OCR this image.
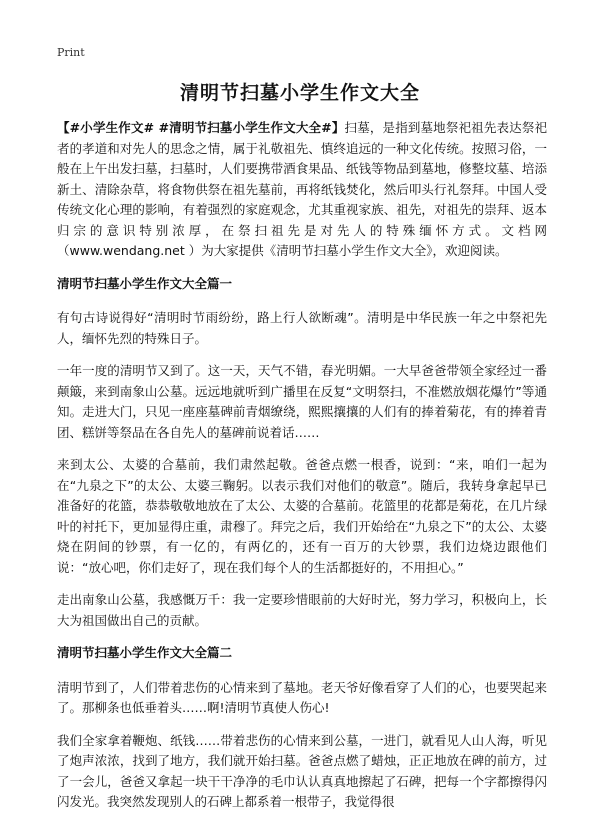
Print
清明节扫墓小学生作文大全

【#小学生作文# #清明节扫墓小学生作文大全#】扫墓，是指到墓地祭祀祖先表达祭祀者的孝道和对先人的思念之情，属于礼敬祖先、慎终追远的一种文化传统。按照习俗，一般在上午出发扫墓，扫墓时，人们要携带酒食果品、纸钱等物品到墓地，修整坟墓、培添新土、清除杂草，将食物供祭在祖先墓前，再将纸钱焚化，然后叩头行礼祭拜。中国人受传统文化心理的影响，有着强烈的家庭观念，尤其重视家族、祖先，对祖先的崇拜、返本归宗的意识特别浓厚，在祭扫祖先是对先人的特殊缅怀方式。文档网（www.wendang.net ）为大家提供《清明节扫墓小学生作文大全》，欢迎阅读。

清明节扫墓小学生作文大全篇一

有句古诗说得好“清明时节雨纷纷，路上行人欲断魂”。清明是中华民族一年之中祭祀先人，缅怀先烈的特殊日子。

一年一度的清明节又到了。这一天，天气不错，春光明媚。一大早爸爸带领全家经过一番颠簸，来到南象山公墓。远远地就听到广播里在反复“文明祭扫，不准燃放烟花爆竹”等通知。走进大门，只见一座座墓碑前青烟缭绕，熙熙攘攘的人们有的捧着菊花，有的捧着青团、糕饼等祭品在各自先人的墓碑前说着话……

来到太公、太婆的合墓前，我们肃然起敬。爸爸点燃一根香，说到：“来，咱们一起为在“九泉之下”的太公、太婆三鞠躬。以表示我们对他们的敬意”。随后，我转身拿起早已准备好的花篮，恭恭敬敬地放在了太公、太婆的合墓前。花篮里的花都是菊花，在几片绿叶的衬托下，更加显得庄重，肃穆了。拜完之后，我们开始给在“九泉之下”的太公、太婆烧在阴间的钞票，有一亿的，有两亿的，还有一百万的大钞票，我们边烧边跟他们说：“放心吧，你们走好了，现在我们每个人的生活都挺好的，不用担心。”

走出南象山公墓，我感慨万千：我一定要珍惜眼前的大好时光，努力学习，积极向上，长大为祖国做出自己的贡献。

清明节扫墓小学生作文大全篇二

清明节到了，人们带着悲伤的心情来到了墓地。老天爷好像看穿了人们的心，也要哭起来了。那柳条也低垂着头……啊!清明节真使人伤心!

我们全家拿着鞭炮、纸钱……带着悲伤的心情来到公墓，一进门，就看见人山人海，听见了炮声浓浓，找到了地方，我们就开始扫墓。爸爸点燃了蜡烛，正正地放在碑的前方，过了一会儿，爸爸又拿起一块干干净净的毛巾认认真真地擦起了石碑，把每一个字都擦得闪闪发光。我突然发现别人的石碑上都系着一根带子，我觉得很
